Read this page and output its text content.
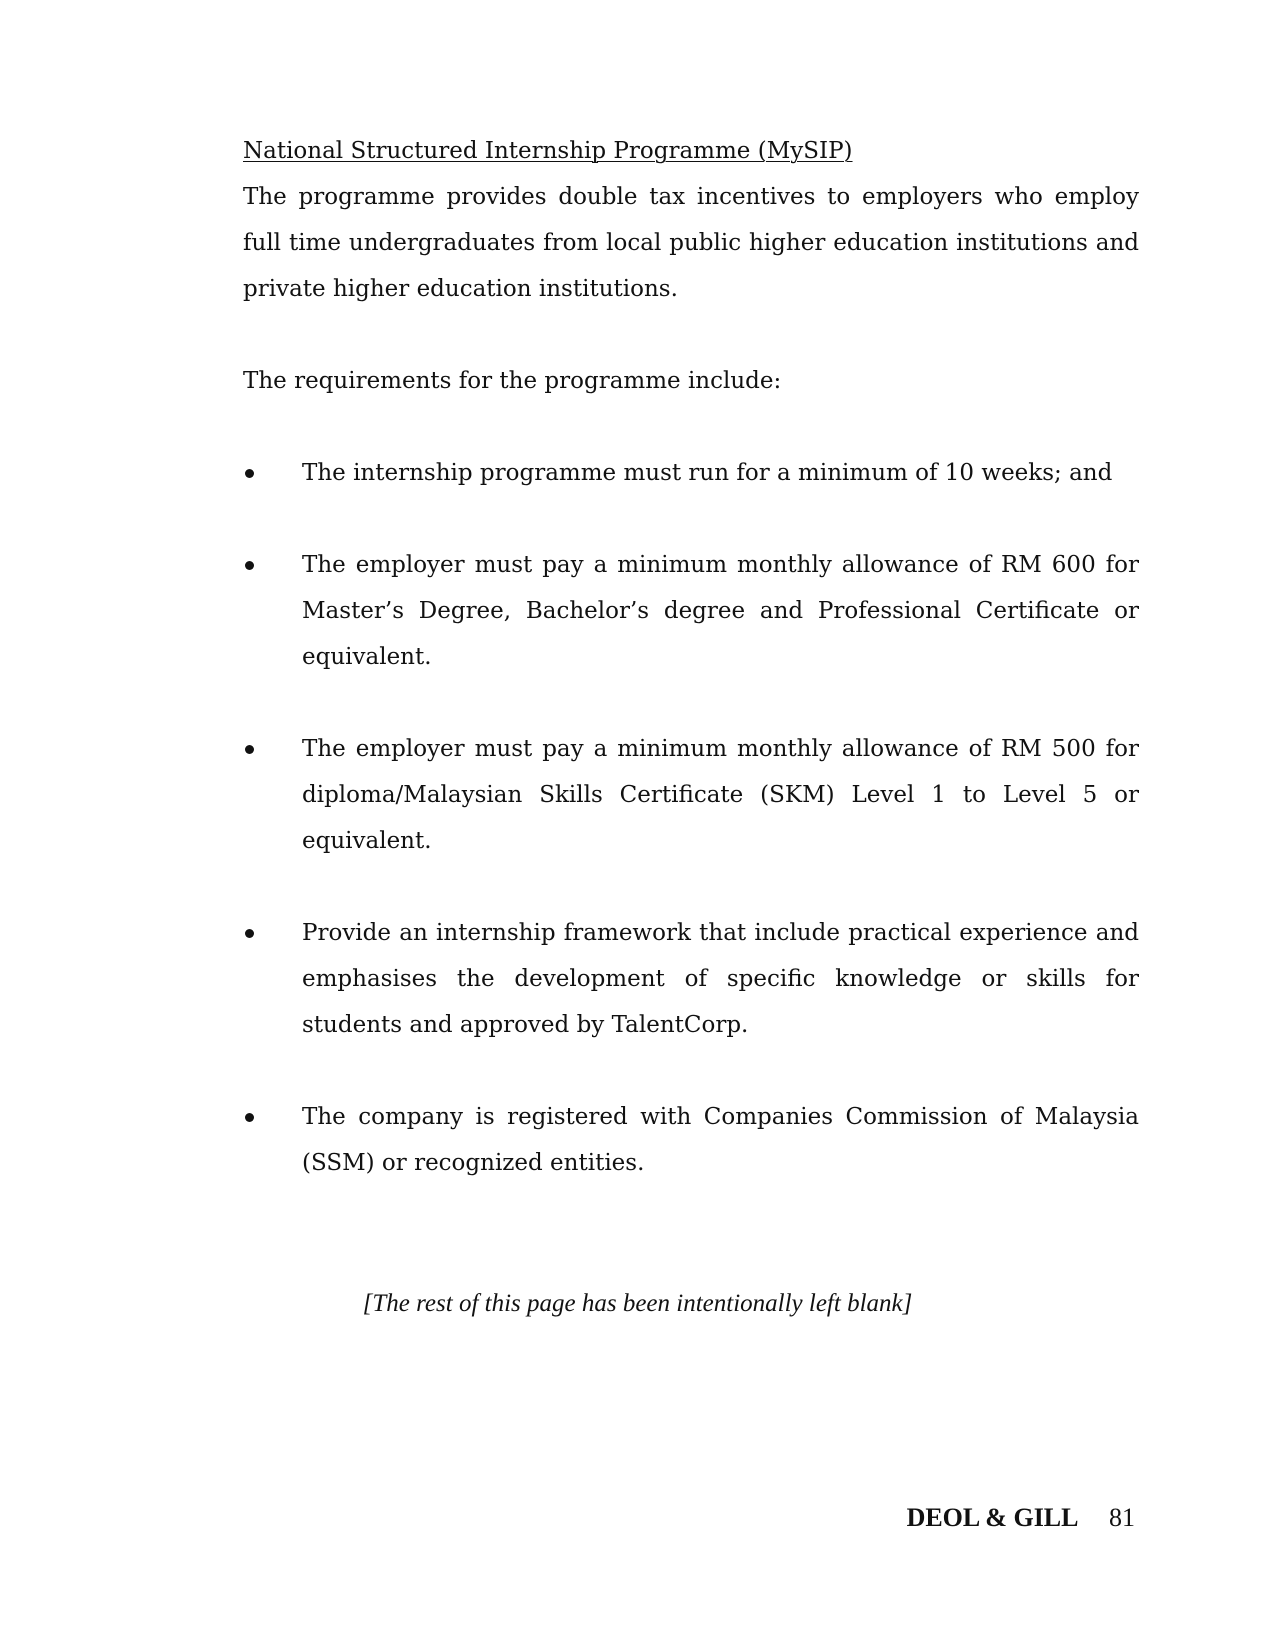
National Structured Internship Programme (MySIP)
The programme provides double tax incentives to employers who employ full time undergraduates from local public higher education institutions and private higher education institutions.
The requirements for the programme include:
The internship programme must run for a minimum of 10 weeks; and
The employer must pay a minimum monthly allowance of RM 600 for Master’s Degree, Bachelor’s degree and Professional Certificate or equivalent.
The employer must pay a minimum monthly allowance of RM 500 for diploma/Malaysian Skills Certificate (SKM) Level 1 to Level 5 or equivalent.
Provide an internship framework that include practical experience and emphasises the development of specific knowledge or skills for students and approved by TalentCorp.
The company is registered with Companies Commission of Malaysia (SSM) or recognized entities.
[The rest of this page has been intentionally left blank]
DEOL & GILL 81
